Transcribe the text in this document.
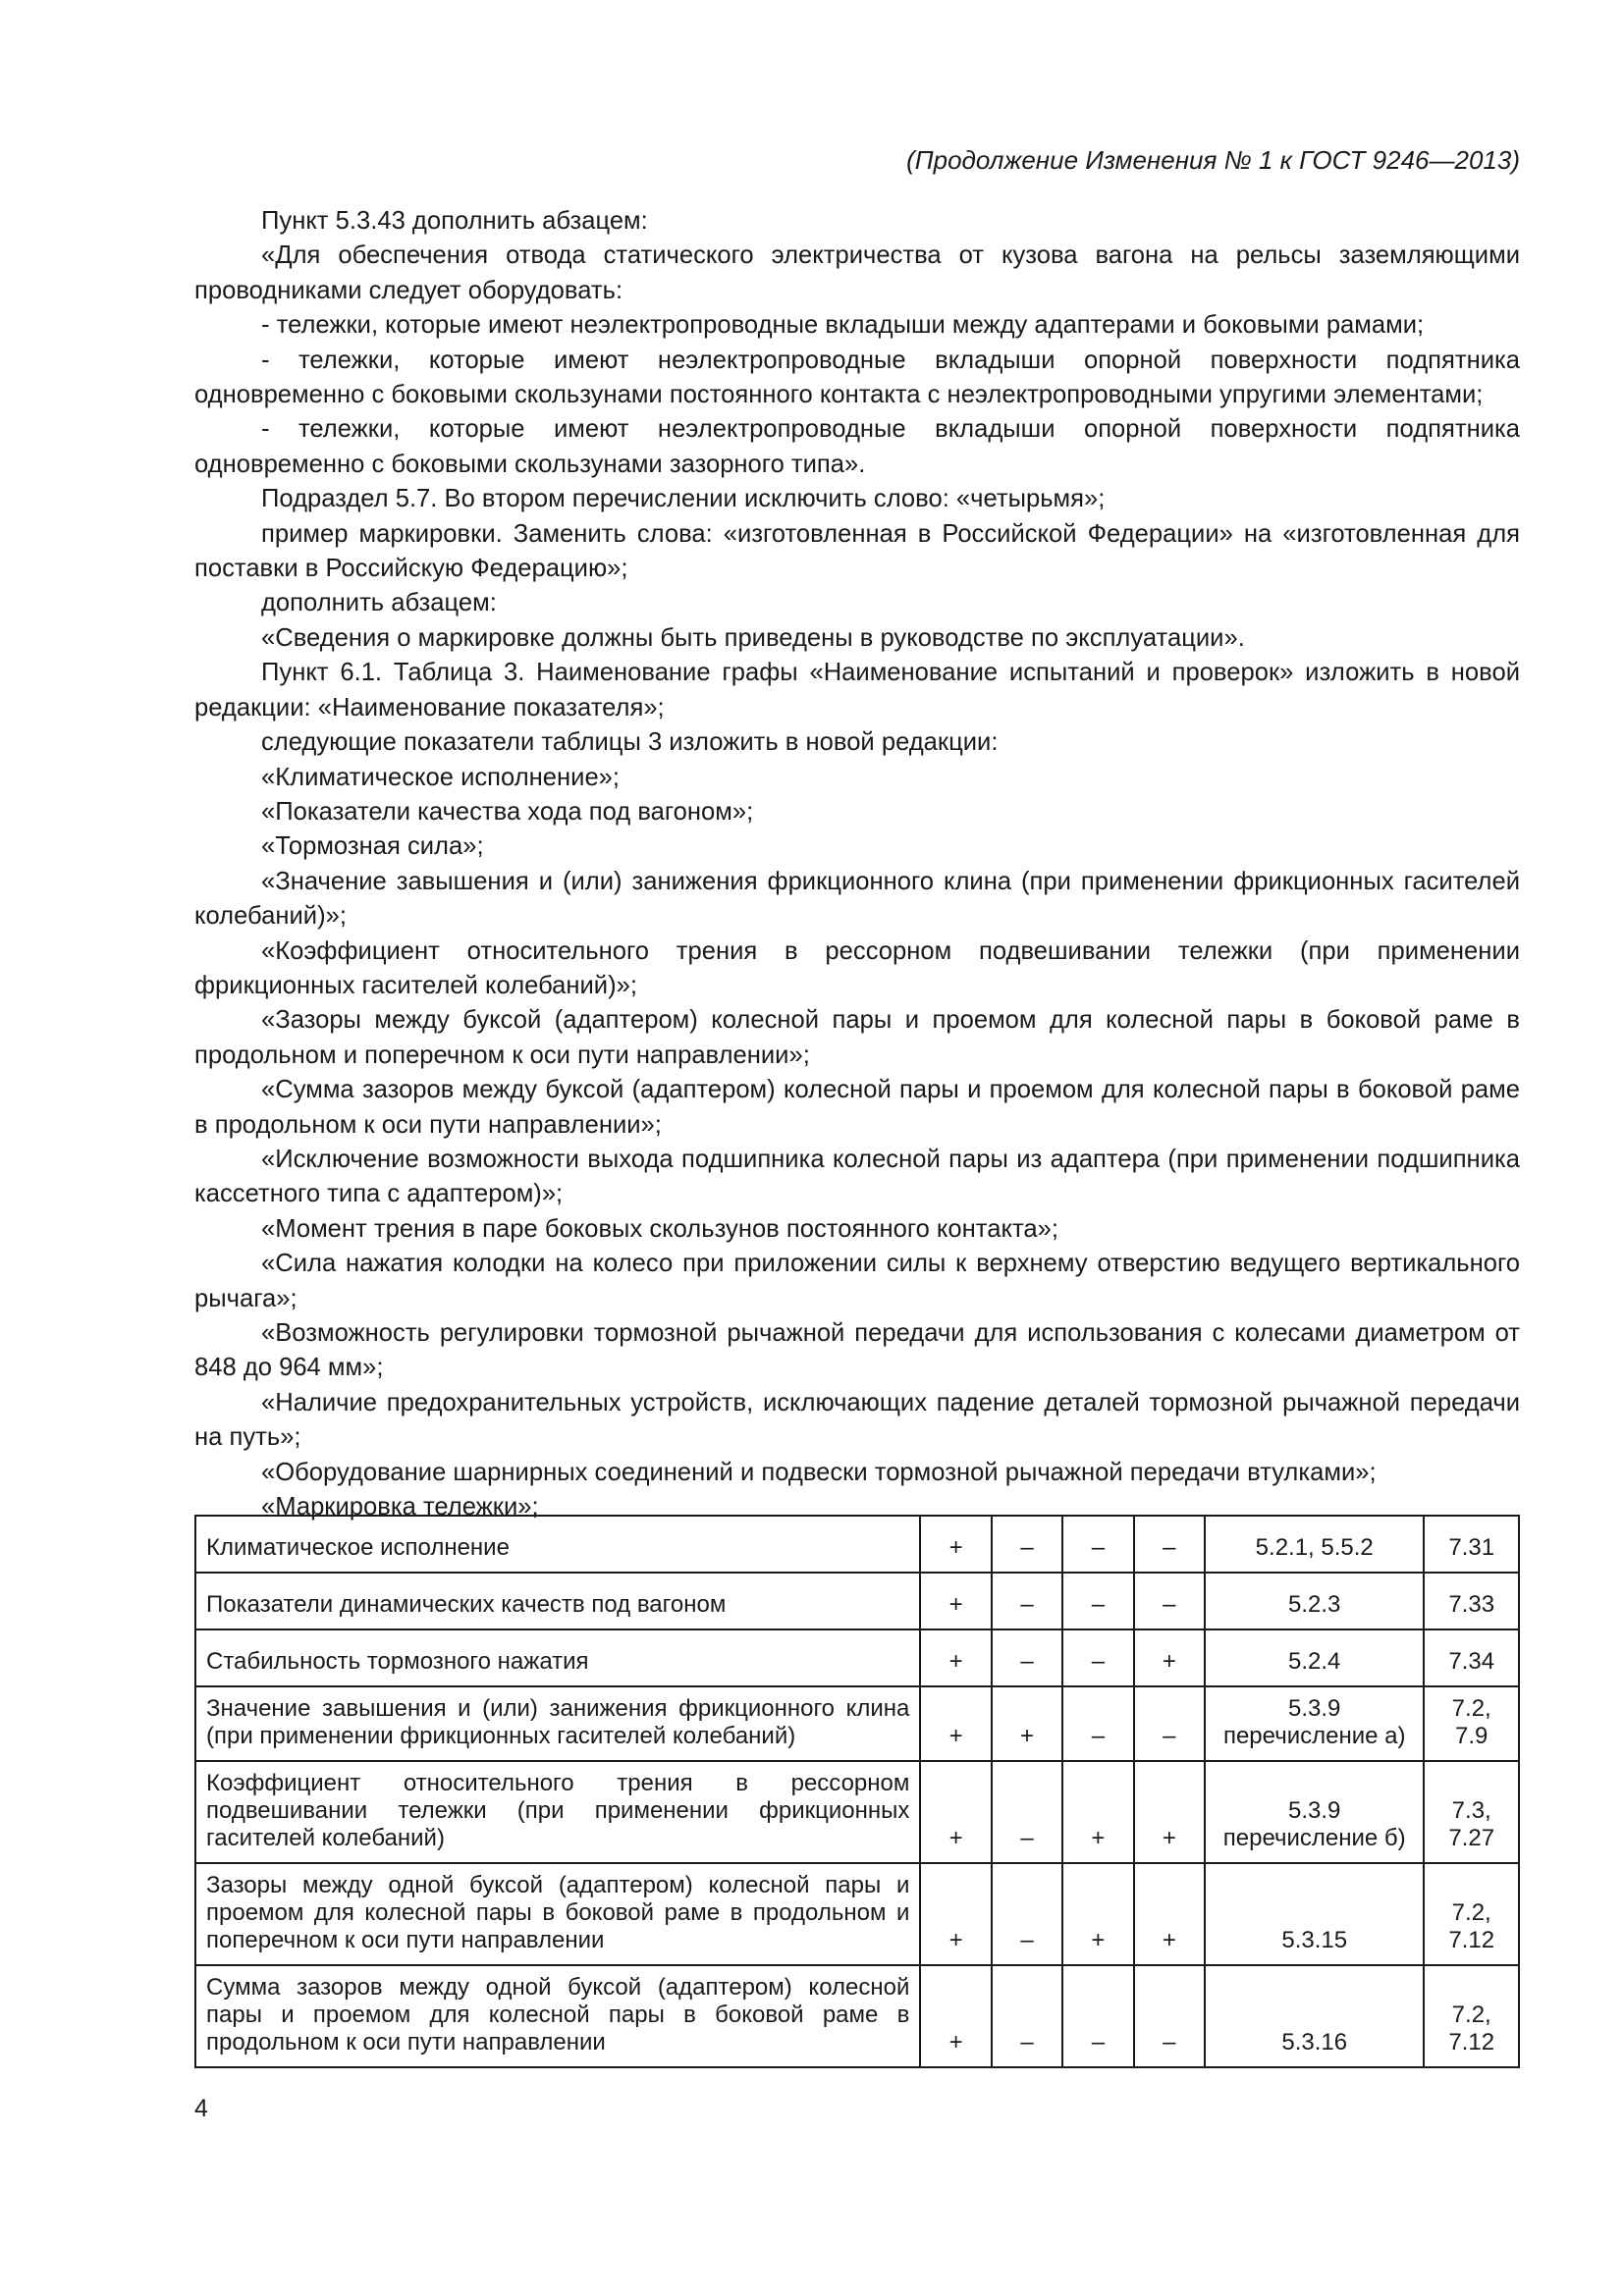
(Продолжение Изменения № 1 к ГОСТ 9246—2013)

Пункт 5.3.43 дополнить абзацем:

«Для обеспечения отвода статического электричества от кузова вагона на рельсы заземляющими проводниками следует оборудовать:

- тележки, которые имеют неэлектропроводные вкладыши между адаптерами и боковыми рамами;

- тележки, которые имеют неэлектропроводные вкладыши опорной поверхности подпятника одновременно с боковыми скользунами постоянного контакта с неэлектропроводными упругими элементами;

- тележки, которые имеют неэлектропроводные вкладыши опорной поверхности подпятника одновременно с боковыми скользунами зазорного типа».

Подраздел 5.7. Во втором перечислении исключить слово: «четырьмя»;

пример маркировки. Заменить слова: «изготовленная в Российской Федерации» на «изготовленная для поставки в Российскую Федерацию»;

дополнить абзацем:

«Сведения о маркировке должны быть приведены в руководстве по эксплуатации».

Пункт 6.1. Таблица 3. Наименование графы «Наименование испытаний и проверок» изложить в новой редакции: «Наименование показателя»;

следующие показатели таблицы 3 изложить в новой редакции:

«Климатическое исполнение»;

«Показатели качества хода под вагоном»;

«Тормозная сила»;

«Значение завышения и (или) занижения фрикционного клина (при применении фрикционных гасителей колебаний)»;

«Коэффициент относительного трения в рессорном подвешивании тележки (при применении фрикционных гасителей колебаний)»;

«Зазоры между буксой (адаптером) колесной пары и проемом для колесной пары в боковой раме в продольном и поперечном к оси пути направлении»;

«Сумма зазоров между буксой (адаптером) колесной пары и проемом для колесной пары в боковой раме в продольном к оси пути направлении»;

«Исключение возможности выхода подшипника колесной пары из адаптера (при применении подшипника кассетного типа с адаптером)»;

«Момент трения в паре боковых скользунов постоянного контакта»;

«Сила нажатия колодки на колесо при приложении силы к верхнему отверстию ведущего вертикального рычага»;

«Возможность регулировки тормозной рычажной передачи для использования с колесами диаметром от 848 до 964 мм»;

«Наличие предохранительных устройств, исключающих падение деталей тормозной рычажной передачи на путь»;

«Оборудование шарнирных соединений и подвески тормозной рычажной передачи втулками»;

«Маркировка тележки»;

Климатическое исполнение	+	–	–	–	5.2.1, 5.5.2	7.31
Показатели динамических качеств под вагоном	+	–	–	–	5.2.3	7.33
Стабильность тормозного нажатия	+	–	–	+	5.2.4	7.34
Значение завышения и (или) занижения фрикционного клина (при применении фрикционных гасителей колебаний)	+	+	–	–	5.3.9 перечисление а)	7.2, 7.9
Коэффициент относительного трения в рессорном подвешивании тележки (при применении фрикционных гасителей колебаний)	+	–	+	+	5.3.9 перечисление б)	7.3, 7.27
Зазоры между одной буксой (адаптером) колесной пары и проемом для колесной пары в боковой раме в продольном и поперечном к оси пути направлении	+	–	+	+	5.3.15	7.2, 7.12
Сумма зазоров между одной буксой (адаптером) колесной пары и проемом для колесной пары в боковой раме в продольном к оси пути направлении	+	–	–	–	5.3.16	7.2, 7.12
4
